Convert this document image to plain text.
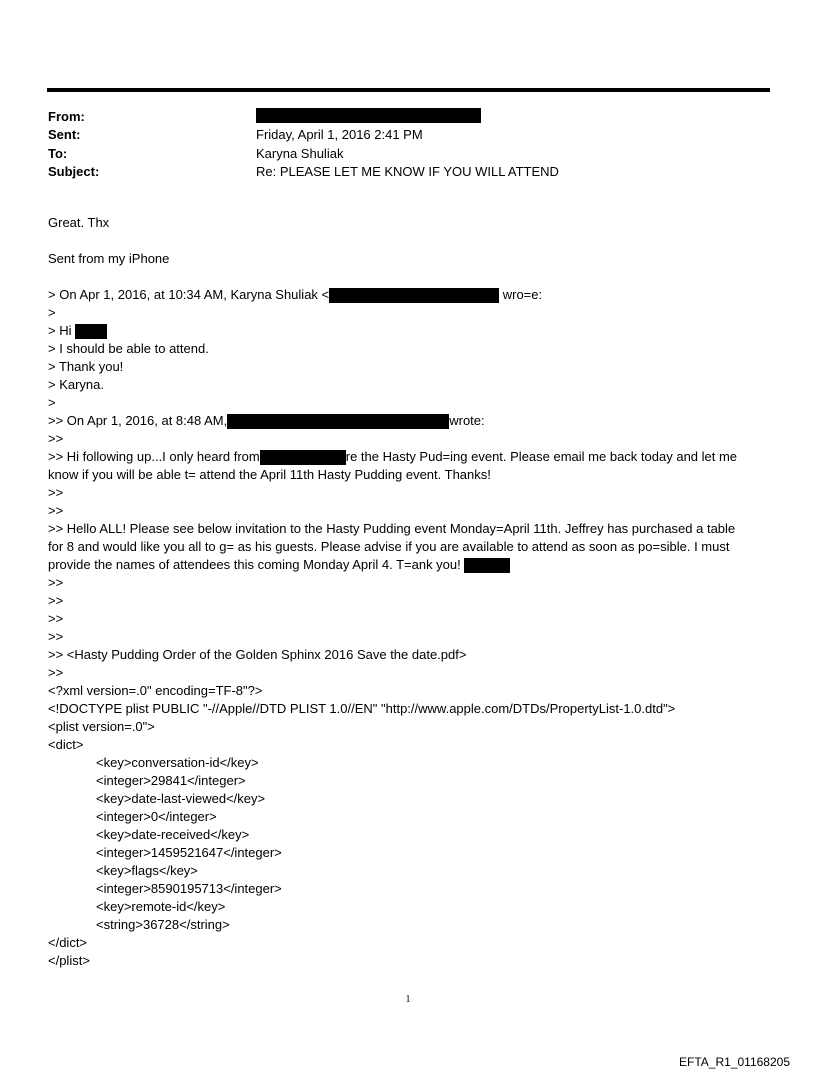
From:
Sent:	Friday, April 1, 2016 2:41 PM
To:	Karyna Shuliak
Subject:	Re: PLEASE LET ME KNOW IF YOU WILL ATTEND

Great. Thx

Sent from my iPhone

> On Apr 1, 2016, at 10:34 AM, Karyna Shuliak <	wro=e:

>

> Hi

> I should be able to attend.

> Thank you!

> Karyna.

>

>> On Apr 1, 2016, at 8:48 AM,	wrote:

>>

>> Hi following up...I only heard from	re the Hasty Pud=ing event. Please email me back today and let me

know if you will be able t= attend the April 11th Hasty Pudding event. Thanks!

>>

>>

>> Hello ALL! Please see below invitation to the Hasty Pudding event Monday=April 11th. Jeffrey has purchased a table

for 8 and would like you all to g= as his guests. Please advise if you are available to attend as soon as po=sible. I must

provide the names of attendees this coming Monday April 4. T=ank you!

>>

>>

>>

>>

>> <Hasty Pudding Order of the Golden Sphinx 2016 Save the date.pdf>

>>

<?xml version=.0" encoding=TF-8"?>

<!DOCTYPE plist PUBLIC "-//Apple//DTD PLIST 1.0//EN" "http://www.apple.com/DTDs/PropertyList-1.0.dtd">

<plist version=.0">

<dict>

<key>conversation-id</key>

<integer>29841</integer>

<key>date-last-viewed</key>

<integer>0</integer>

<key>date-received</key>

<integer>1459521647</integer>

<key>flags</key>

<integer>8590195713</integer>

<key>remote-id</key>

<string>36728</string>

</dict>

</plist>

1
EFTA_R1_01168205
